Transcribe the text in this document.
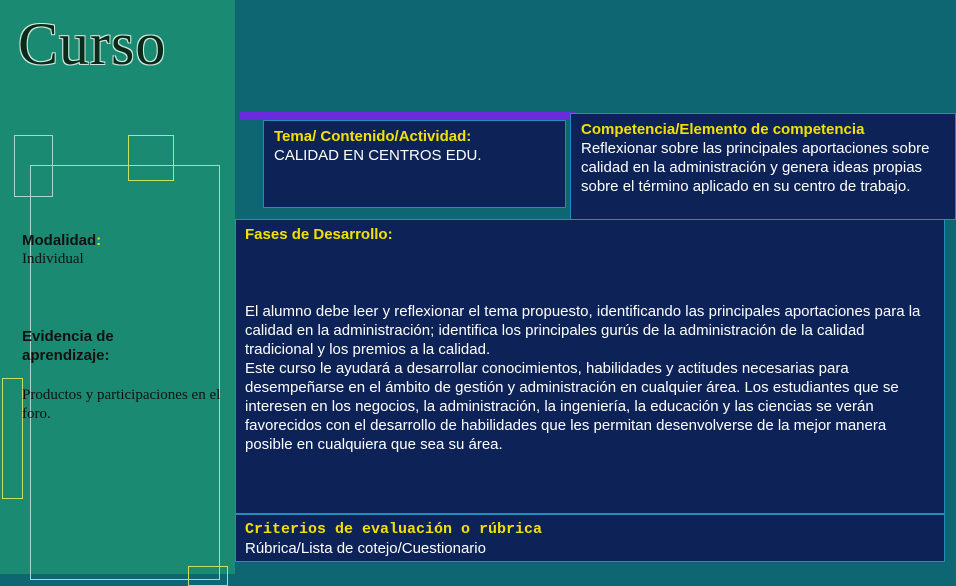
Curso
Modalidad:
Individual
Evidencia de aprendizaje:
Productos y participaciones en el foro.
Tema/ Contenido/Actividad:
CALIDAD EN CENTROS EDU.
Competencia/Elemento de competencia
Reflexionar sobre las principales aportaciones sobre calidad en la administración y genera ideas propias sobre el término aplicado en su centro de trabajo.
Fases de Desarrollo:

El alumno debe leer y reflexionar el tema propuesto, identificando las principales aportaciones para la calidad en la administración; identifica los principales gurús de la administración de la calidad tradicional y los premios a la calidad.

Este curso le ayudará a desarrollar conocimientos, habilidades y actitudes necesarias para desempeñarse en el ámbito de gestión y administración en cualquier área. Los estudiantes que se interesen en los negocios, la administración, la ingeniería, la educación y las ciencias se verán favorecidos con el desarrollo de habilidades que les permitan desenvolverse de la mejor manera posible en cualquiera que sea su área.

Criterios de evaluación o rúbrica
Rúbrica/Lista de cotejo/Cuestionario
